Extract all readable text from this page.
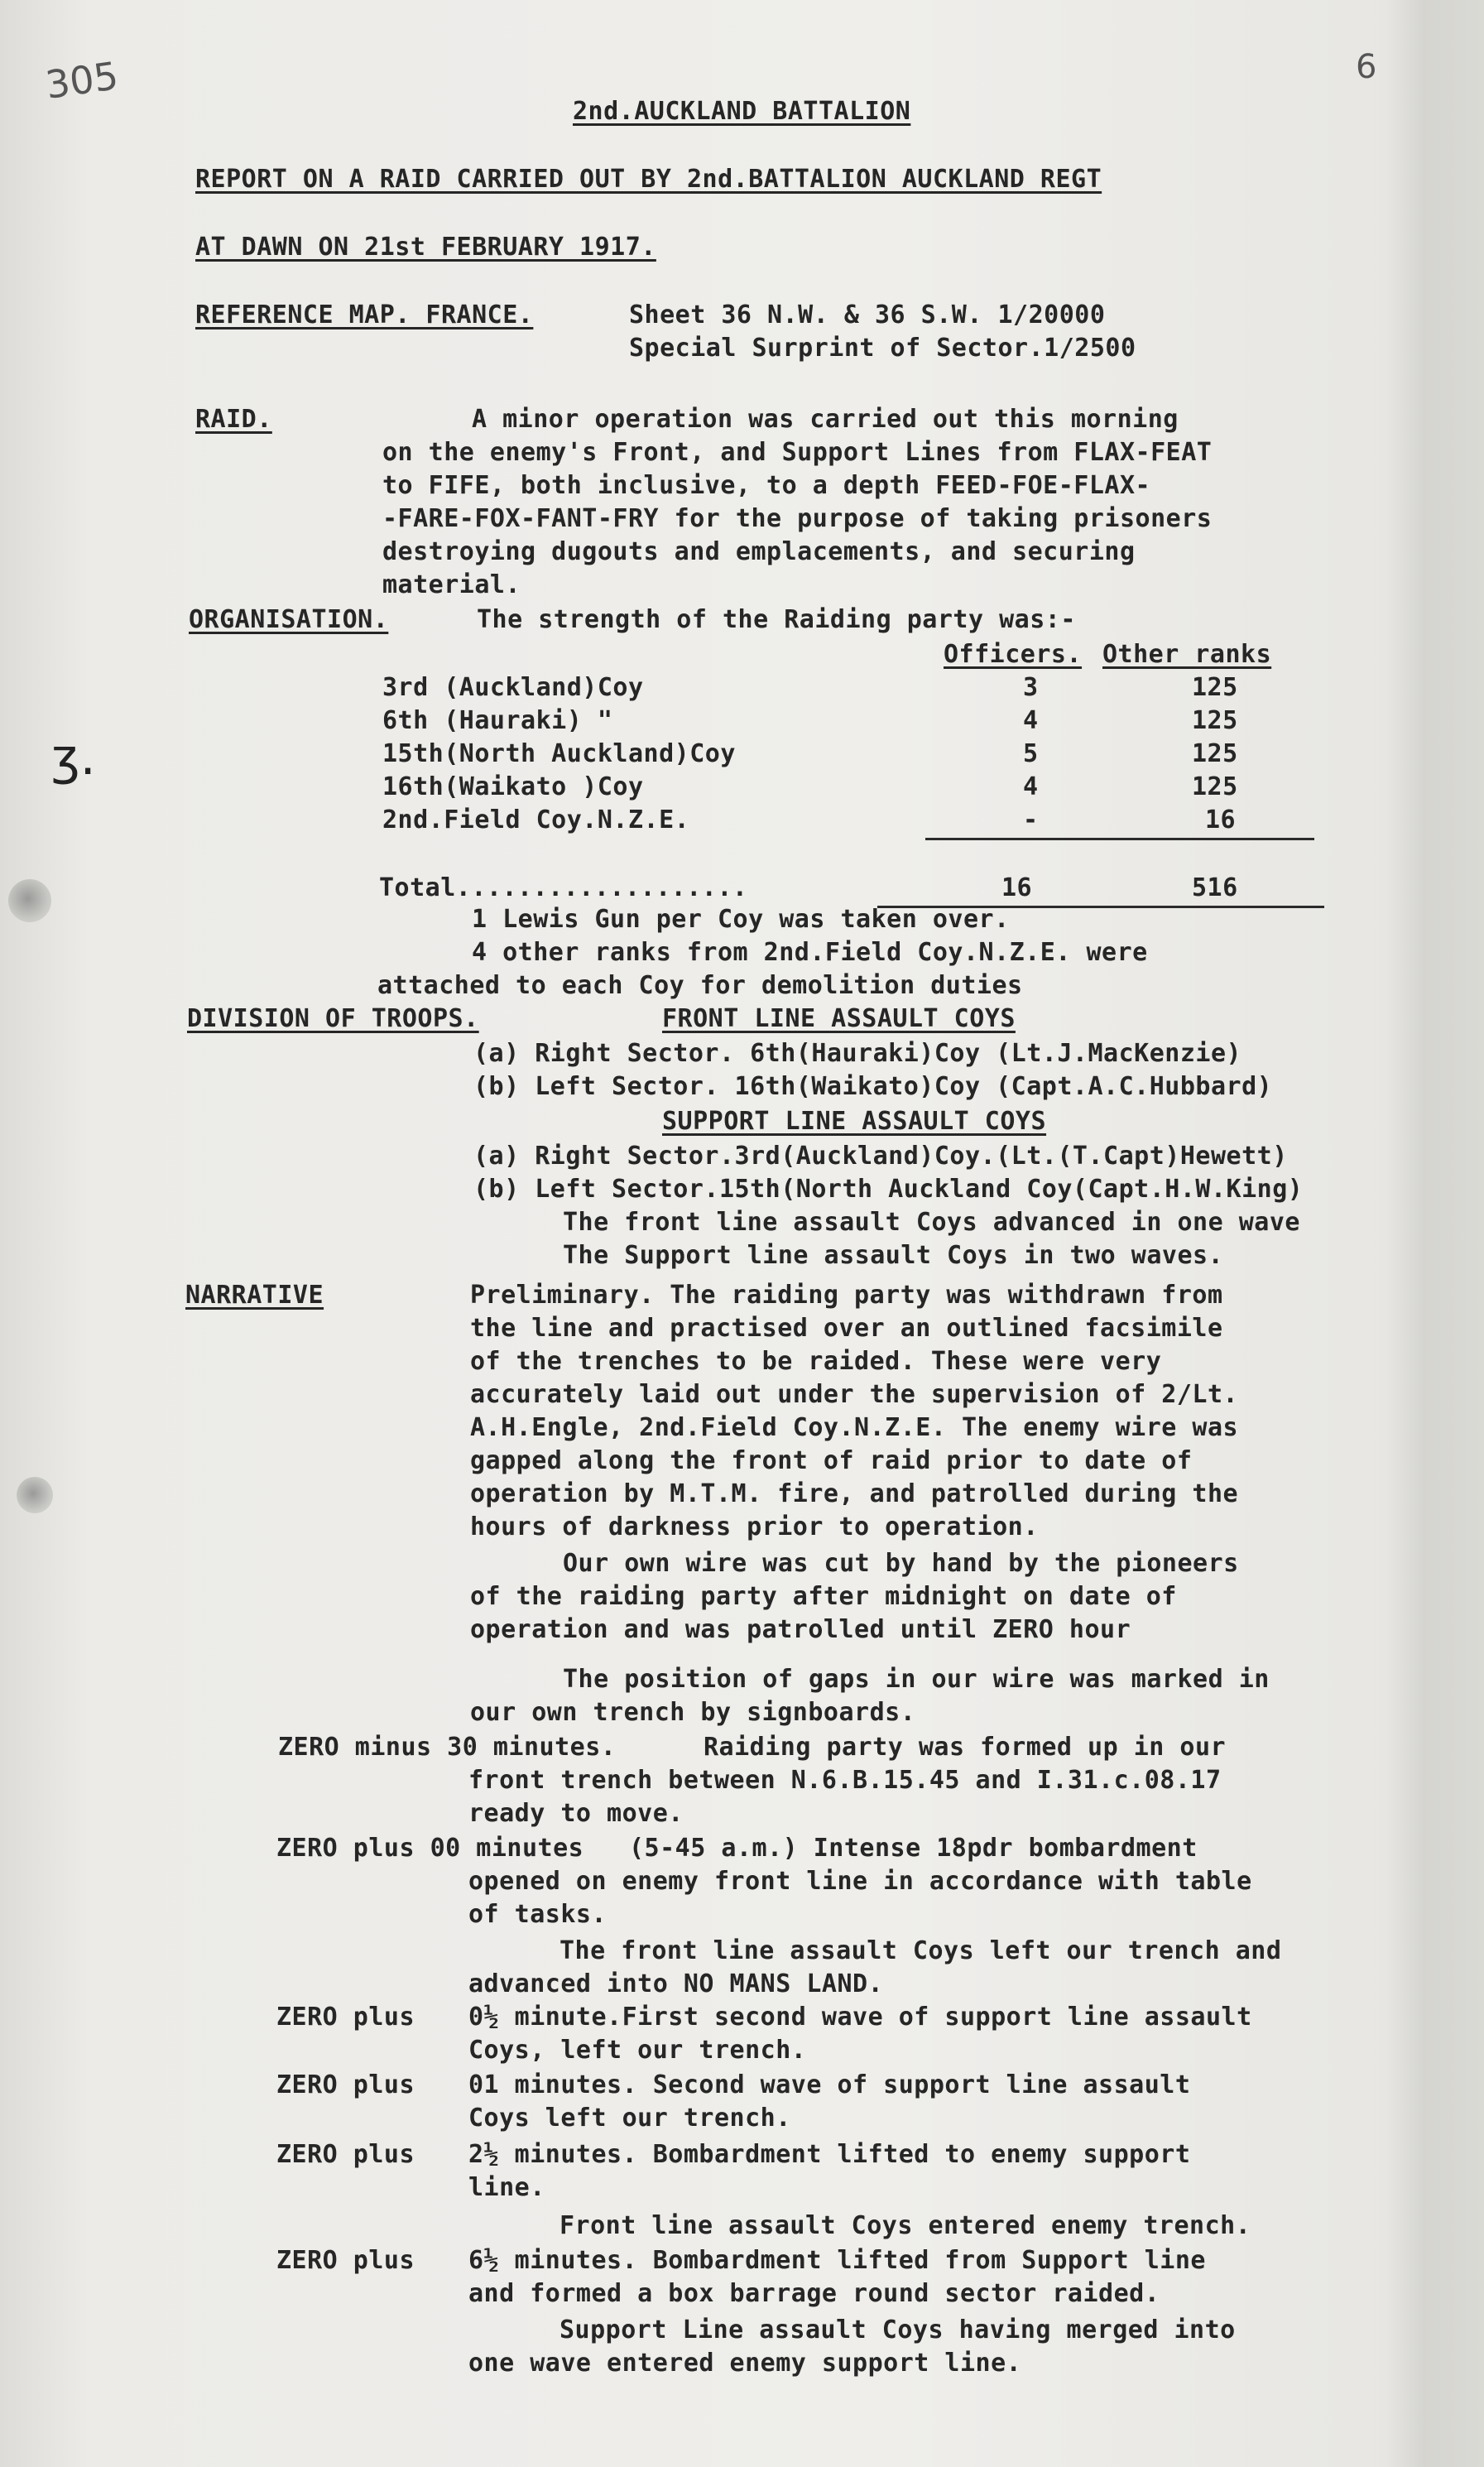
305	6
ʒ.
2nd.AUCKLAND BATTALION
REPORT ON A RAID CARRIED OUT BY 2nd.BATTALION AUCKLAND REGT
AT DAWN ON 21st FEBRUARY 1917.
REFERENCE MAP. FRANCE.	Sheet 36 N.W. & 36 S.W. 1/20000
Special Surprint of Sector.1/2500
RAID.	A minor operation was carried out this morning
on the enemy's Front, and Support Lines from FLAX-FEAT
to FIFE, both inclusive, to a depth FEED-FOE-FLAX-
-FARE-FOX-FANT-FRY for the purpose of taking prisoners
destroying dugouts and emplacements, and securing
material.
ORGANISATION.	The strength of the Raiding party was:-
Officers. Other ranks
3rd (Auckland)Coy	3	125
6th (Hauraki) "	4	125
15th(North Auckland)Coy	5	125
16th(Waikato )Coy	4	125
2nd.Field Coy.N.Z.E.	-	16
Total...................	16	516
1 Lewis Gun per Coy was taken over.
4 other ranks from 2nd.Field Coy.N.Z.E. were
attached to each Coy for demolition duties
DIVISION OF TROOPS.	FRONT LINE ASSAULT COYS
(a) Right Sector. 6th(Hauraki)Coy (Lt.J.MacKenzie)
(b) Left Sector. 16th(Waikato)Coy (Capt.A.C.Hubbard)
SUPPORT LINE ASSAULT COYS
(a) Right Sector.3rd(Auckland)Coy.(Lt.(T.Capt)Hewett)
(b) Left Sector.15th(North Auckland Coy(Capt.H.W.King)
The front line assault Coys advanced in one wave
The Support line assault Coys in two waves.
NARRATIVE	Preliminary. The raiding party was withdrawn from
the line and practised over an outlined facsimile
of the trenches to be raided. These were very
accurately laid out under the supervision of 2/Lt.
A.H.Engle, 2nd.Field Coy.N.Z.E. The enemy wire was
gapped along the front of raid prior to date of
operation by M.T.M. fire, and patrolled during the
hours of darkness prior to operation.
Our own wire was cut by hand by the pioneers
of the raiding party after midnight on date of
operation and was patrolled until ZERO hour
The position of gaps in our wire was marked in
our own trench by signboards.
ZERO minus 30 minutes.	Raiding party was formed up in our
front trench between N.6.B.15.45 and I.31.c.08.17
ready to move.
ZERO plus 00 minutes (5-45 a.m.) Intense 18pdr bombardment
opened on enemy front line in accordance with table
of tasks.
The front line assault Coys left our trench and
advanced into NO MANS LAND.
ZERO plus 0½ minute.First second wave of support line assault
Coys, left our trench.
ZERO plus 01 minutes. Second wave of support line assault
Coys left our trench.
ZERO plus 2½ minutes. Bombardment lifted to enemy support
line.
Front line assault Coys entered enemy trench.
ZERO plus 6½ minutes. Bombardment lifted from Support line
and formed a box barrage round sector raided.
Support Line assault Coys having merged into
one wave entered enemy support line.
